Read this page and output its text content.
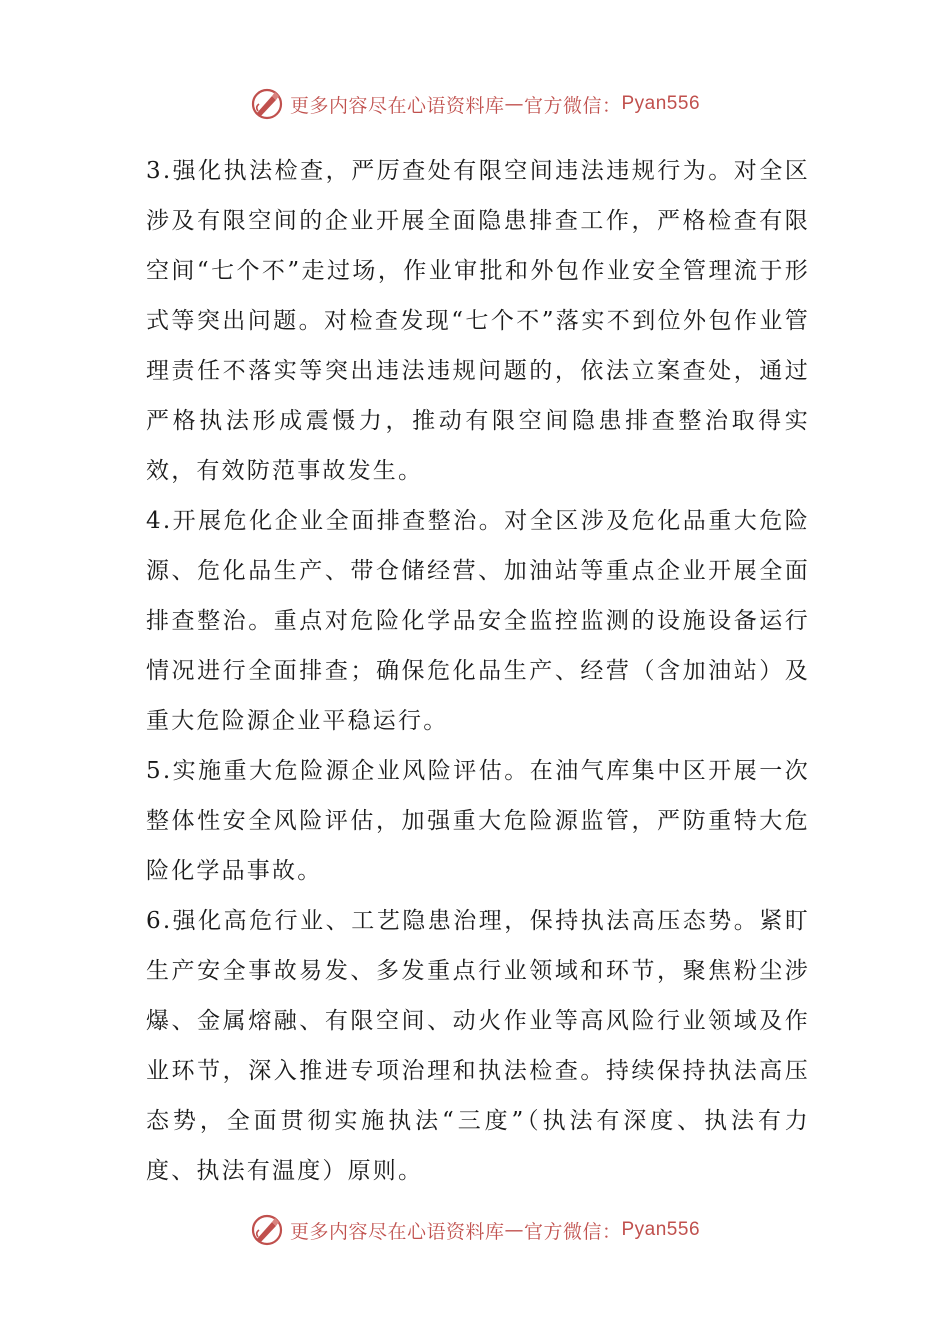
更多内容尽在心语资料库 — 官方微信： Pyan556

3.强化执法检查，严厉查处有限空间违法违规行为。对全区涉及有限空间的企业开展全面隐患排查工作，严格检查有限空间“七个不”走过场，作业审批和外包作业安全管理流于形式等突出问题。对检查发现“七个不”落实不到位外包作业管理责任不落实等突出违法违规问题的，依法立案查处，通过严格执法形成震慑力，推动有限空间隐患排查整治取得实效，有效防范事故发生。

4.开展危化企业全面排查整治。对全区涉及危化品重大危险源、危化品生产、带仓储经营、加油站等重点企业开展全面排查整治。重点对危险化学品安全监控监测的设施设备运行情况进行全面排查；确保危化品生产、经营（含加油站）及重大危险源企业平稳运行。

5.实施重大危险源企业风险评估。在油气库集中区开展一次整体性安全风险评估，加强重大危险源监管，严防重特大危险化学品事故。

6.强化高危行业、工艺隐患治理，保持执法高压态势。紧盯生产安全事故易发、多发重点行业领域和环节，聚焦粉尘涉爆、金属熔融、有限空间、动火作业等高风险行业领域及作业环节，深入推进专项治理和执法检查。持续保持执法高压态势，全面贯彻实施执法“三度”（执法有深度、执法有力度、执法有温度）原则。

更多内容尽在心语资料库 — 官方微信： Pyan556
